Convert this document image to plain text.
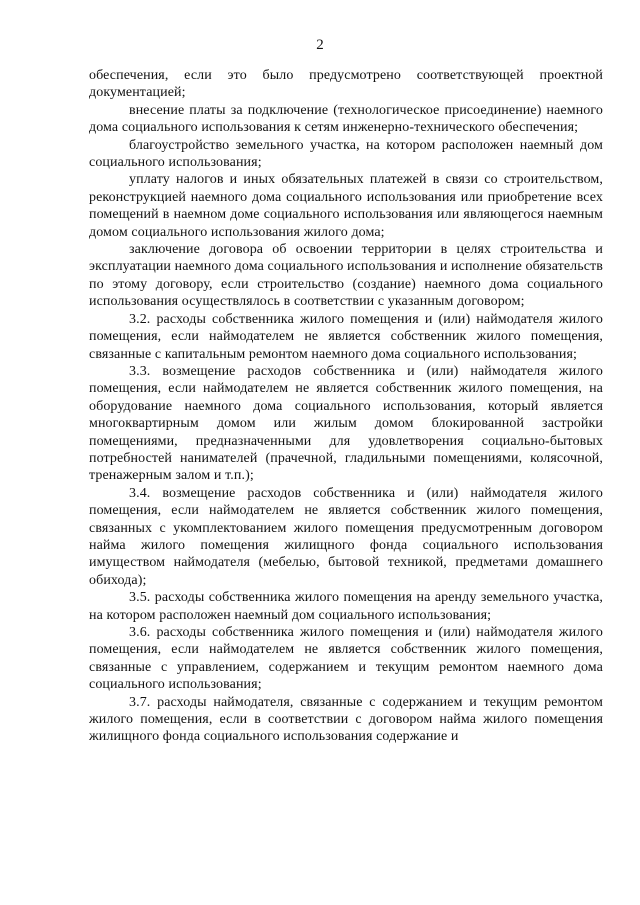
2

обеспечения, если это было предусмотрено соответствующей проектной документацией;

внесение платы за подключение (технологическое присоединение) наемного дома социального использования к сетям инженерно-технического обеспечения;

благоустройство земельного участка, на котором расположен наемный дом социального использования;

уплату налогов и иных обязательных платежей в связи со строительством, реконструкцией наемного дома социального использования или приобретение всех помещений в наемном доме социального использования или являющегося наемным домом социального использования жилого дома;

заключение договора об освоении территории в целях строительства и эксплуатации наемного дома социального использования и исполнение обязательств по этому договору, если строительство (создание) наемного дома социального использования осуществлялось в соответствии с указанным договором;

3.2. расходы собственника жилого помещения и (или) наймодателя жилого помещения, если наймодателем не является собственник жилого помещения, связанные с капитальным ремонтом наемного дома социального использования;

3.3. возмещение расходов собственника и (или) наймодателя жилого помещения, если наймодателем не является собственник жилого помещения, на оборудование наемного дома социального использования, который является многоквартирным домом или жилым домом блокированной застройки помещениями, предназначенными для удовлетворения социально-бытовых потребностей нанимателей (прачечной, гладильными помещениями, колясочной, тренажерным залом и т.п.);

3.4. возмещение расходов собственника и (или) наймодателя жилого помещения, если наймодателем не является собственник жилого помещения, связанных с укомплектованием жилого помещения предусмотренным договором найма жилого помещения жилищного фонда социального использования имуществом наймодателя (мебелью, бытовой техникой, предметами домашнего обихода);

3.5. расходы собственника жилого помещения на аренду земельного участка, на котором расположен наемный дом социального использования;

3.6. расходы собственника жилого помещения и (или) наймодателя жилого помещения, если наймодателем не является собственник жилого помещения, связанные с управлением, содержанием и текущим ремонтом наемного дома социального использования;

3.7. расходы наймодателя, связанные с содержанием и текущим ремонтом жилого помещения, если в соответствии с договором найма жилого помещения жилищного фонда социального использования содержание и
